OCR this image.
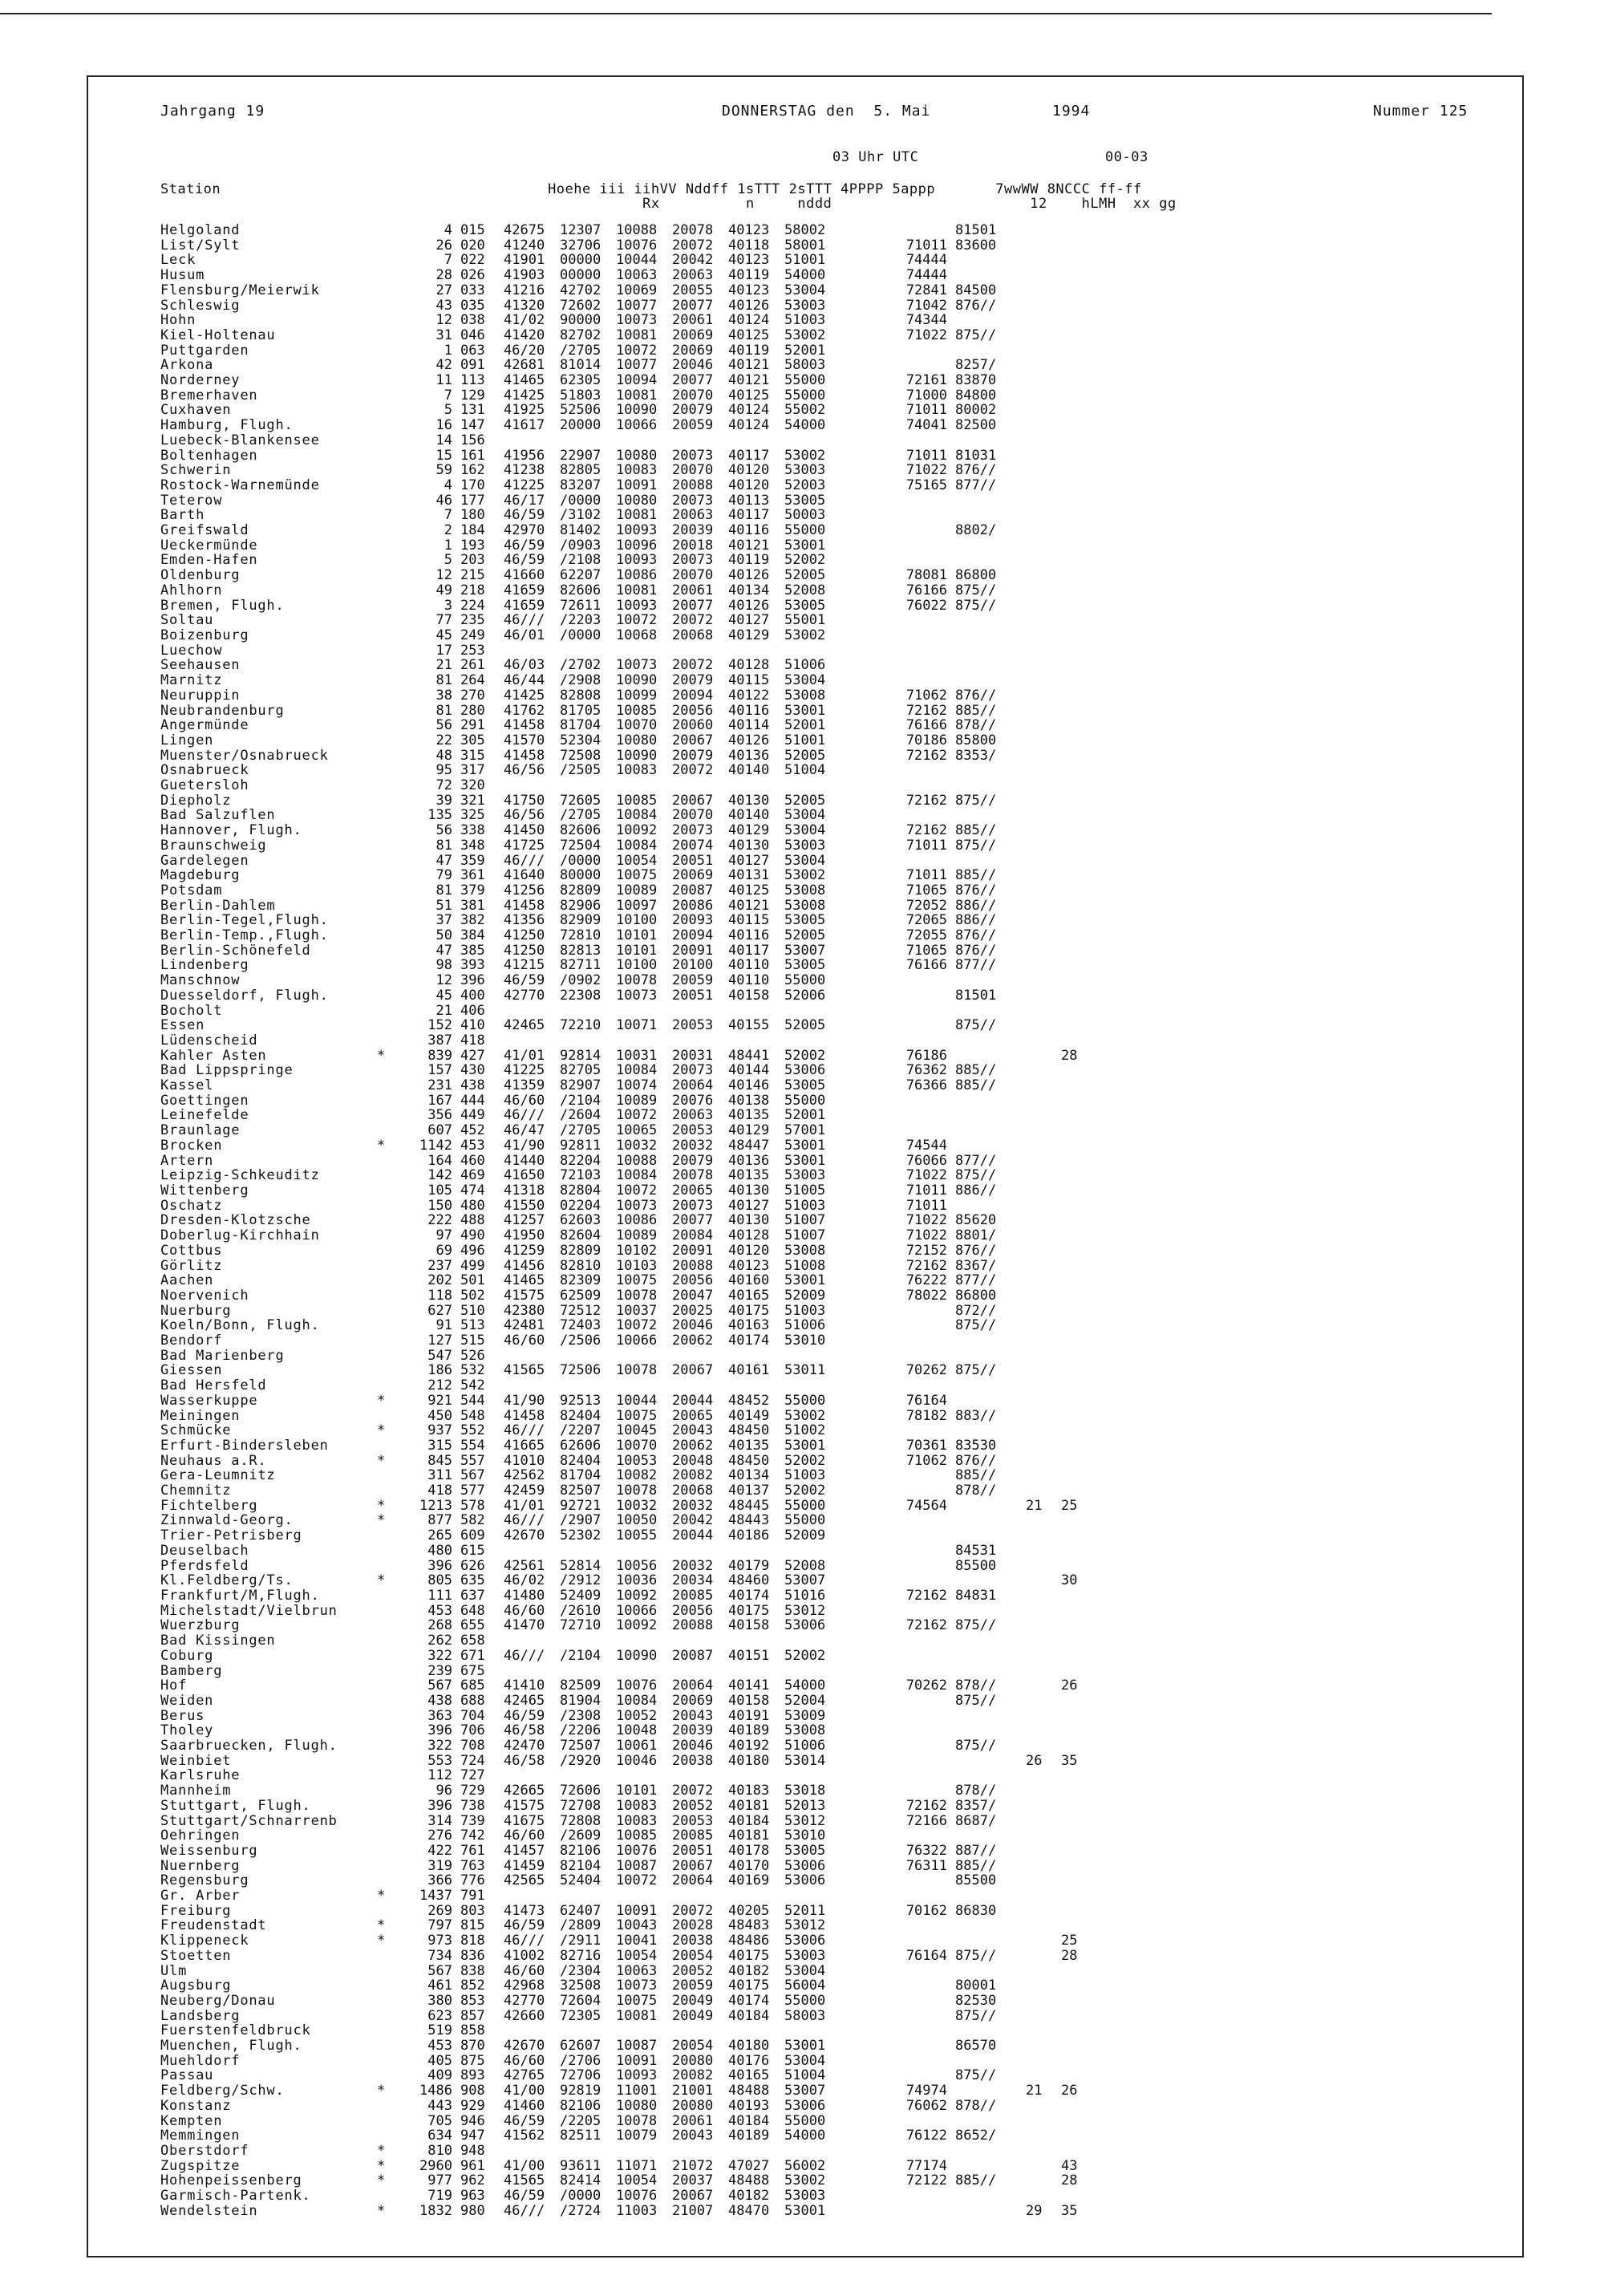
Jahrgang 19	DONNERSTAG den  5. Mai	1994	Nummer 125
03 Uhr UTC	00-03
Station                                      Hoehe iii iihVV Nddff 1sTTT 2sTTT 4PPPP 5appp       7wwWW 8NCCC ff-ff
Rx          n     nddd                       12    hLMH  xx gg
Helgoland		4	015	42675	12307	10088	20078	40123	58002		81501		
List/Sylt		26	020	41240	32706	10076	20072	40118	58001	71011	83600		
Leck		7	022	41901	00000	10044	20042	40123	51001	74444			
Husum		28	026	41903	00000	10063	20063	40119	54000	74444			
Flensburg/Meierwik		27	033	41216	42702	10069	20055	40123	53004	72841	84500		
Schleswig		43	035	41320	72602	10077	20077	40126	53003	71042	876//		
Hohn		12	038	41/02	90000	10073	20061	40124	51003	74344			
Kiel-Holtenau		31	046	41420	82702	10081	20069	40125	53002	71022	875//		
Puttgarden		1	063	46/20	/2705	10072	20069	40119	52001				
Arkona		42	091	42681	81014	10077	20046	40121	58003		8257/		
Norderney		11	113	41465	62305	10094	20077	40121	55000	72161	83870		
Bremerhaven		7	129	41425	51803	10081	20070	40125	55000	71000	84800		
Cuxhaven		5	131	41925	52506	10090	20079	40124	55002	71011	80002		
Hamburg, Flugh.		16	147	41617	20000	10066	20059	40124	54000	74041	82500		
Luebeck-Blankensee		14	156										
Boltenhagen		15	161	41956	22907	10080	20073	40117	53002	71011	81031		
Schwerin		59	162	41238	82805	10083	20070	40120	53003	71022	876//		
Rostock-Warnemünde		4	170	41225	83207	10091	20088	40120	52003	75165	877//		
Teterow		46	177	46/17	/0000	10080	20073	40113	53005				
Barth		7	180	46/59	/3102	10081	20063	40117	50003				
Greifswald		2	184	42970	81402	10093	20039	40116	55000		8802/		
Ueckermünde		1	193	46/59	/0903	10096	20018	40121	53001				
Emden-Hafen		5	203	46/59	/2108	10093	20073	40119	52002				
Oldenburg		12	215	41660	62207	10086	20070	40126	52005	78081	86800		
Ahlhorn		49	218	41659	82606	10081	20061	40134	52008	76166	875//		
Bremen, Flugh.		3	224	41659	72611	10093	20077	40126	53005	76022	875//		
Soltau		77	235	46///	/2203	10072	20072	40127	55001				
Boizenburg		45	249	46/01	/0000	10068	20068	40129	53002				
Luechow		17	253										
Seehausen		21	261	46/03	/2702	10073	20072	40128	51006				
Marnitz		81	264	46/44	/2908	10090	20079	40115	53004				
Neuruppin		38	270	41425	82808	10099	20094	40122	53008	71062	876//		
Neubrandenburg		81	280	41762	81705	10085	20056	40116	53001	72162	885//		
Angermünde		56	291	41458	81704	10070	20060	40114	52001	76166	878//		
Lingen		22	305	41570	52304	10080	20067	40126	51001	70186	85800		
Muenster/Osnabrueck		48	315	41458	72508	10090	20079	40136	52005	72162	8353/		
Osnabrueck		95	317	46/56	/2505	10083	20072	40140	51004				
Guetersloh		72	320										
Diepholz		39	321	41750	72605	10085	20067	40130	52005	72162	875//		
Bad Salzuflen		135	325	46/56	/2705	10084	20070	40140	53004				
Hannover, Flugh.		56	338	41450	82606	10092	20073	40129	53004	72162	885//		
Braunschweig		81	348	41725	72504	10084	20074	40130	53003	71011	875//		
Gardelegen		47	359	46///	/0000	10054	20051	40127	53004				
Magdeburg		79	361	41640	80000	10075	20069	40131	53002	71011	885//		
Potsdam		81	379	41256	82809	10089	20087	40125	53008	71065	876//		
Berlin-Dahlem		51	381	41458	82906	10097	20086	40121	53008	72052	886//		
Berlin-Tegel,Flugh.		37	382	41356	82909	10100	20093	40115	53005	72065	886//		
Berlin-Temp.,Flugh.		50	384	41250	72810	10101	20094	40116	52005	72055	876//		
Berlin-Schönefeld		47	385	41250	82813	10101	20091	40117	53007	71065	876//		
Lindenberg		98	393	41215	82711	10100	20100	40110	53005	76166	877//		
Manschnow		12	396	46/59	/0902	10078	20059	40110	55000				
Duesseldorf, Flugh.		45	400	42770	22308	10073	20051	40158	52006		81501		
Bocholt		21	406										
Essen		152	410	42465	72210	10071	20053	40155	52005		875//		
Lüdenscheid		387	418										
Kahler Asten	*	839	427	41/01	92814	10031	20031	48441	52002	76186			28
Bad Lippspringe		157	430	41225	82705	10084	20073	40144	53006	76362	885//		
Kassel		231	438	41359	82907	10074	20064	40146	53005	76366	885//		
Goettingen		167	444	46/60	/2104	10089	20076	40138	55000				
Leinefelde		356	449	46///	/2604	10072	20063	40135	52001				
Braunlage		607	452	46/47	/2705	10065	20053	40129	57001				
Brocken	*	1142	453	41/90	92811	10032	20032	48447	53001	74544			
Artern		164	460	41440	82204	10088	20079	40136	53001	76066	877//		
Leipzig-Schkeuditz		142	469	41650	72103	10084	20078	40135	53003	71022	875//		
Wittenberg		105	474	41318	82804	10072	20065	40130	51005	71011	886//		
Oschatz		150	480	41550	02204	10073	20073	40127	51003	71011			
Dresden-Klotzsche		222	488	41257	62603	10086	20077	40130	51007	71022	85620		
Doberlug-Kirchhain		97	490	41950	82604	10089	20084	40128	51007	71022	8801/		
Cottbus		69	496	41259	82809	10102	20091	40120	53008	72152	876//		
Görlitz		237	499	41456	82810	10103	20088	40123	51008	72162	8367/		
Aachen		202	501	41465	82309	10075	20056	40160	53001	76222	877//		
Noervenich		118	502	41575	62509	10078	20047	40165	52009	78022	86800		
Nuerburg		627	510	42380	72512	10037	20025	40175	51003		872//		
Koeln/Bonn, Flugh.		91	513	42481	72403	10072	20046	40163	51006		875//		
Bendorf		127	515	46/60	/2506	10066	20062	40174	53010				
Bad Marienberg		547	526										
Giessen		186	532	41565	72506	10078	20067	40161	53011	70262	875//		
Bad Hersfeld		212	542										
Wasserkuppe	*	921	544	41/90	92513	10044	20044	48452	55000	76164			
Meiningen		450	548	41458	82404	10075	20065	40149	53002	78182	883//		
Schmücke	*	937	552	46///	/2207	10045	20043	48450	51002				
Erfurt-Bindersleben		315	554	41665	62606	10070	20062	40135	53001	70361	83530		
Neuhaus a.R.	*	845	557	41010	82404	10053	20048	48450	52002	71062	876//		
Gera-Leumnitz		311	567	42562	81704	10082	20082	40134	51003		885//		
Chemnitz		418	577	42459	82507	10078	20068	40137	52002		878//		
Fichtelberg	*	1213	578	41/01	92721	10032	20032	48445	55000	74564		21	25
Zinnwald-Georg.	*	877	582	46///	/2907	10050	20042	48443	55000				
Trier-Petrisberg		265	609	42670	52302	10055	20044	40186	52009				
Deuselbach		480	615								84531		
Pferdsfeld		396	626	42561	52814	10056	20032	40179	52008		85500		
Kl.Feldberg/Ts.	*	805	635	46/02	/2912	10036	20034	48460	53007				30
Frankfurt/M,Flugh.		111	637	41480	52409	10092	20085	40174	51016	72162	84831		
Michelstadt/Vielbrun		453	648	46/60	/2610	10066	20056	40175	53012				
Wuerzburg		268	655	41470	72710	10092	20088	40158	53006	72162	875//		
Bad Kissingen		262	658										
Coburg		322	671	46///	/2104	10090	20087	40151	52002				
Bamberg		239	675										
Hof		567	685	41410	82509	10076	20064	40141	54000	70262	878//		26
Weiden		438	688	42465	81904	10084	20069	40158	52004		875//		
Berus		363	704	46/59	/2308	10052	20043	40191	53009				
Tholey		396	706	46/58	/2206	10048	20039	40189	53008				
Saarbruecken, Flugh.		322	708	42470	72507	10061	20046	40192	51006		875//		
Weinbiet		553	724	46/58	/2920	10046	20038	40180	53014			26	35
Karlsruhe		112	727										
Mannheim		96	729	42665	72606	10101	20072	40183	53018		878//		
Stuttgart, Flugh.		396	738	41575	72708	10083	20052	40181	52013	72162	8357/		
Stuttgart/Schnarrenb		314	739	41675	72808	10083	20053	40184	53012	72166	8687/		
Oehringen		276	742	46/60	/2609	10085	20085	40181	53010				
Weissenburg		422	761	41457	82106	10076	20051	40178	53005	76322	887//		
Nuernberg		319	763	41459	82104	10087	20067	40170	53006	76311	885//		
Regensburg		366	776	42565	52404	10072	20064	40169	53006		85500		
Gr. Arber	*	1437	791										
Freiburg		269	803	41473	62407	10091	20072	40205	52011	70162	86830		
Freudenstadt	*	797	815	46/59	/2809	10043	20028	48483	53012				
Klippeneck	*	973	818	46///	/2911	10041	20038	48486	53006				25
Stoetten		734	836	41002	82716	10054	20054	40175	53003	76164	875//		28
Ulm		567	838	46/60	/2304	10063	20052	40182	53004				
Augsburg		461	852	42968	32508	10073	20059	40175	56004		80001		
Neuberg/Donau		380	853	42770	72604	10075	20049	40174	55000		82530		
Landsberg		623	857	42660	72305	10081	20049	40184	58003		875//		
Fuerstenfeldbruck		519	858										
Muenchen, Flugh.		453	870	42670	62607	10087	20054	40180	53001		86570		
Muehldorf		405	875	46/60	/2706	10091	20080	40176	53004				
Passau		409	893	42765	72706	10093	20082	40165	51004		875//		
Feldberg/Schw.	*	1486	908	41/00	92819	11001	21001	48488	53007	74974		21	26
Konstanz		443	929	41460	82106	10080	20080	40193	53006	76062	878//		
Kempten		705	946	46/59	/2205	10078	20061	40184	55000				
Memmingen		634	947	41562	82511	10079	20043	40189	54000	76122	8652/		
Oberstdorf	*	810	948										
Zugspitze	*	2960	961	41/00	93611	11071	21072	47027	56002	77174			43
Hohenpeissenberg	*	977	962	41565	82414	10054	20037	48488	53002	72122	885//		28
Garmisch-Partenk.		719	963	46/59	/0000	10076	20067	40182	53003				
Wendelstein	*	1832	980	46///	/2724	11003	21007	48470	53001			29	35
